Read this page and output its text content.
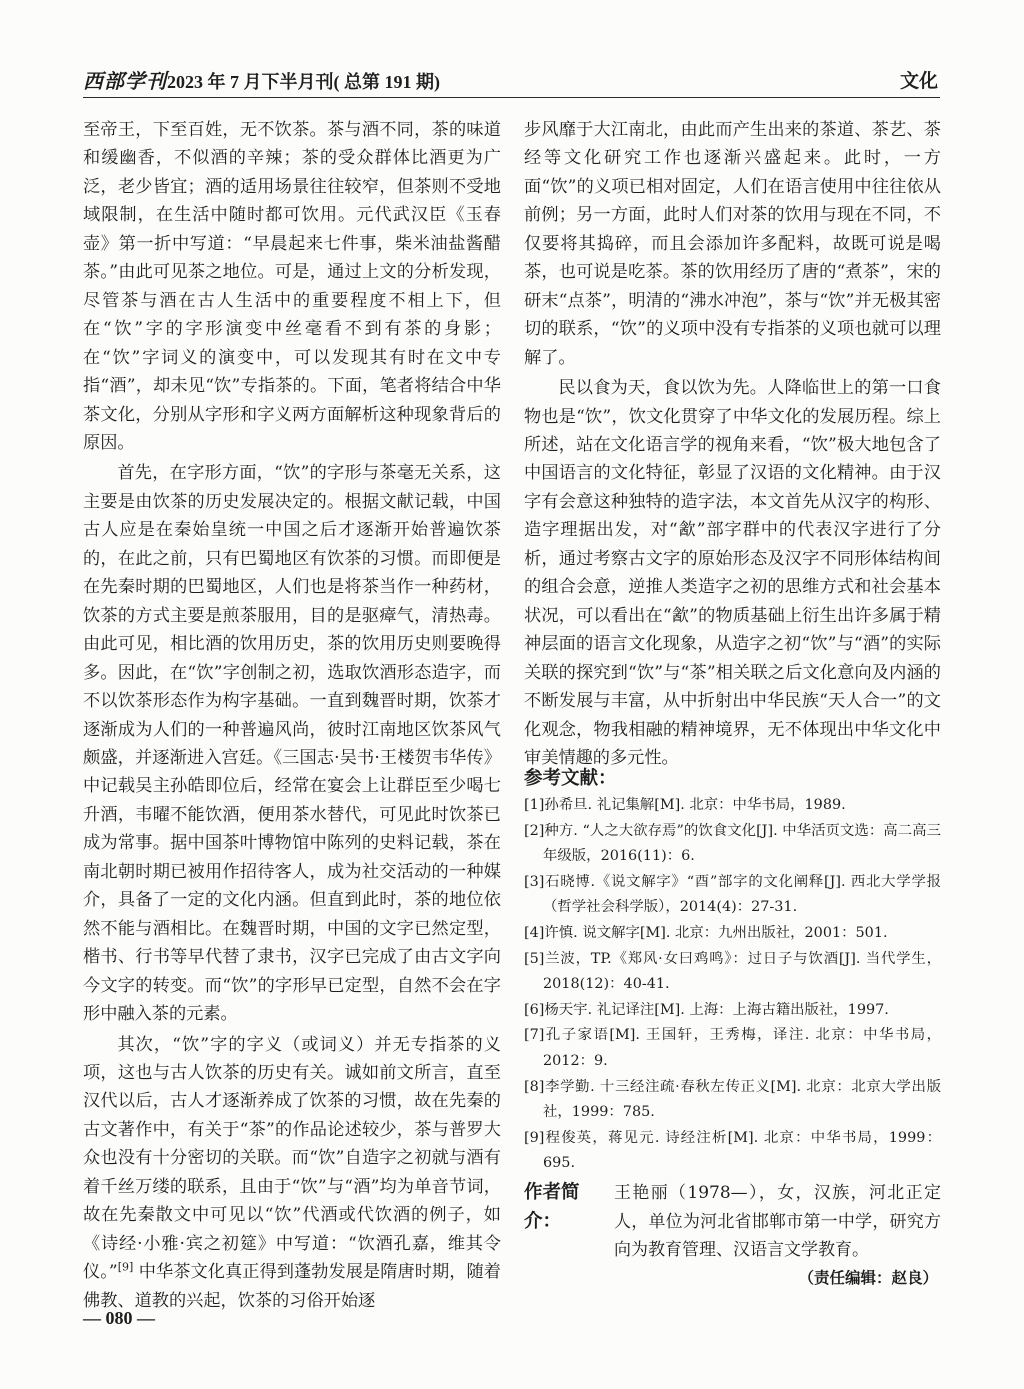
西部学刊2023 年 7 月下半月刊( 总第 191 期)	文化

至帝王，下至百姓，无不饮茶。茶与酒不同，茶的味道和缓幽香，不似酒的辛辣；茶的受众群体比酒更为广泛，老少皆宜；酒的适用场景往往较窄，但茶则不受地域限制，在生活中随时都可饮用。元代武汉臣《玉春壶》第一折中写道：“早晨起来七件事，柴米油盐酱醋茶。”由此可见茶之地位。可是，通过上文的分析发现，尽管茶与酒在古人生活中的重要程度不相上下，但在“饮”字的字形演变中丝毫看不到有茶的身影；在“饮”字词义的演变中，可以发现其有时在文中专指“酒”，却未见“饮”专指茶的。下面，笔者将结合中华茶文化，分别从字形和字义两方面解析这种现象背后的原因。

首先，在字形方面，“饮”的字形与茶毫无关系，这主要是由饮茶的历史发展决定的。根据文献记载，中国古人应是在秦始皇统一中国之后才逐渐开始普遍饮茶的，在此之前，只有巴蜀地区有饮茶的习惯。而即便是在先秦时期的巴蜀地区，人们也是将茶当作一种药材，饮茶的方式主要是煎茶服用，目的是驱瘴气，清热毒。由此可见，相比酒的饮用历史，茶的饮用历史则要晚得多。因此，在“饮”字创制之初，选取饮酒形态造字，而不以饮茶形态作为构字基础。一直到魏晋时期，饮茶才逐渐成为人们的一种普遍风尚，彼时江南地区饮茶风气颇盛，并逐渐进入宫廷。《三国志·吴书·王楼贺韦华传》中记载吴主孙皓即位后，经常在宴会上让群臣至少喝七升酒，韦曜不能饮酒，便用茶水替代，可见此时饮茶已成为常事。据中国茶叶博物馆中陈列的史料记载，茶在南北朝时期已被用作招待客人，成为社交活动的一种媒介，具备了一定的文化内涵。但直到此时，茶的地位依然不能与酒相比。在魏晋时期，中国的文字已然定型，楷书、行书等早代替了隶书，汉字已完成了由古文字向今文字的转变。而“饮”的字形早已定型，自然不会在字形中融入茶的元素。

其次，“饮”字的字义（或词义）并无专指茶的义项，这也与古人饮茶的历史有关。诚如前文所言，直至汉代以后，古人才逐渐养成了饮茶的习惯，故在先秦的古文著作中，有关于“茶”的作品论述较少，茶与普罗大众也没有十分密切的关联。而“饮”自造字之初就与酒有着千丝万缕的联系，且由于“饮”与“酒”均为单音节词，故在先秦散文中可见以“饮”代酒或代饮酒的例子，如《诗经·小雅·宾之初筵》中写道：“饮酒孔嘉，维其令仪。”[9] 中华茶文化真正得到蓬勃发展是隋唐时期，随着佛教、道教的兴起，饮茶的习俗开始逐

步风靡于大江南北，由此而产生出来的茶道、茶艺、茶经等文化研究工作也逐渐兴盛起来。此时，一方面“饮”的义项已相对固定，人们在语言使用中往往依从前例；另一方面，此时人们对茶的饮用与现在不同，不仅要将其捣碎，而且会添加许多配料，故既可说是喝茶，也可说是吃茶。茶的饮用经历了唐的“煮茶”，宋的研末“点茶”，明清的“沸水冲泡”，茶与“饮”并无极其密切的联系，“饮”的义项中没有专指茶的义项也就可以理解了。

民以食为天，食以饮为先。人降临世上的第一口食物也是“饮”，饮文化贯穿了中华文化的发展历程。综上所述，站在文化语言学的视角来看，“饮”极大地包含了中国语言的文化特征，彰显了汉语的文化精神。由于汉字有会意这种独特的造字法，本文首先从汉字的构形、造字理据出发，对“㱃”部字群中的代表汉字进行了分析，通过考察古文字的原始形态及汉字不同形体结构间的组合会意，逆推人类造字之初的思维方式和社会基本状况，可以看出在“㱃”的物质基础上衍生出许多属于精神层面的语言文化现象，从造字之初“饮”与“酒”的实际关联的探究到“饮”与“茶”相关联之后文化意向及内涵的不断发展与丰富，从中折射出中华民族“天人合一”的文化观念，物我相融的精神境界，无不体现出中华文化中审美情趣的多元性。

参考文献：
[1]孙希旦. 礼记集解[M]. 北京：中华书局，1989.
[2]种方. “人之大欲存焉”的饮食文化[J]. 中华活页文选：高二高三年级版，2016(11)：6.
[3]石晓博.《说文解字》“酉”部字的文化阐释[J]. 西北大学学报（哲学社会科学版），2014(4)：27-31.
[4]许慎. 说文解字[M]. 北京：九州出版社，2001：501.
[5]兰波，TP.《郑风·女曰鸡鸣》：过日子与饮酒[J]. 当代学生，2018(12)：40-41.
[6]杨天宇. 礼记译注[M]. 上海：上海古籍出版社，1997.
[7]孔子家语[M]. 王国轩，王秀梅，译注. 北京：中华书局，2012：9.
[8]李学勤. 十三经注疏·春秋左传正义[M]. 北京：北京大学出版社，1999：785.
[9]程俊英，蒋见元. 诗经注析[M]. 北京：中华书局，1999：695.
作者简介：
王艳丽（1978—），女，汉族，河北正定人，单位为河北省邯郸市第一中学，研究方向为教育管理、汉语言文学教育。
（责任编辑：赵良）
— 080 —
